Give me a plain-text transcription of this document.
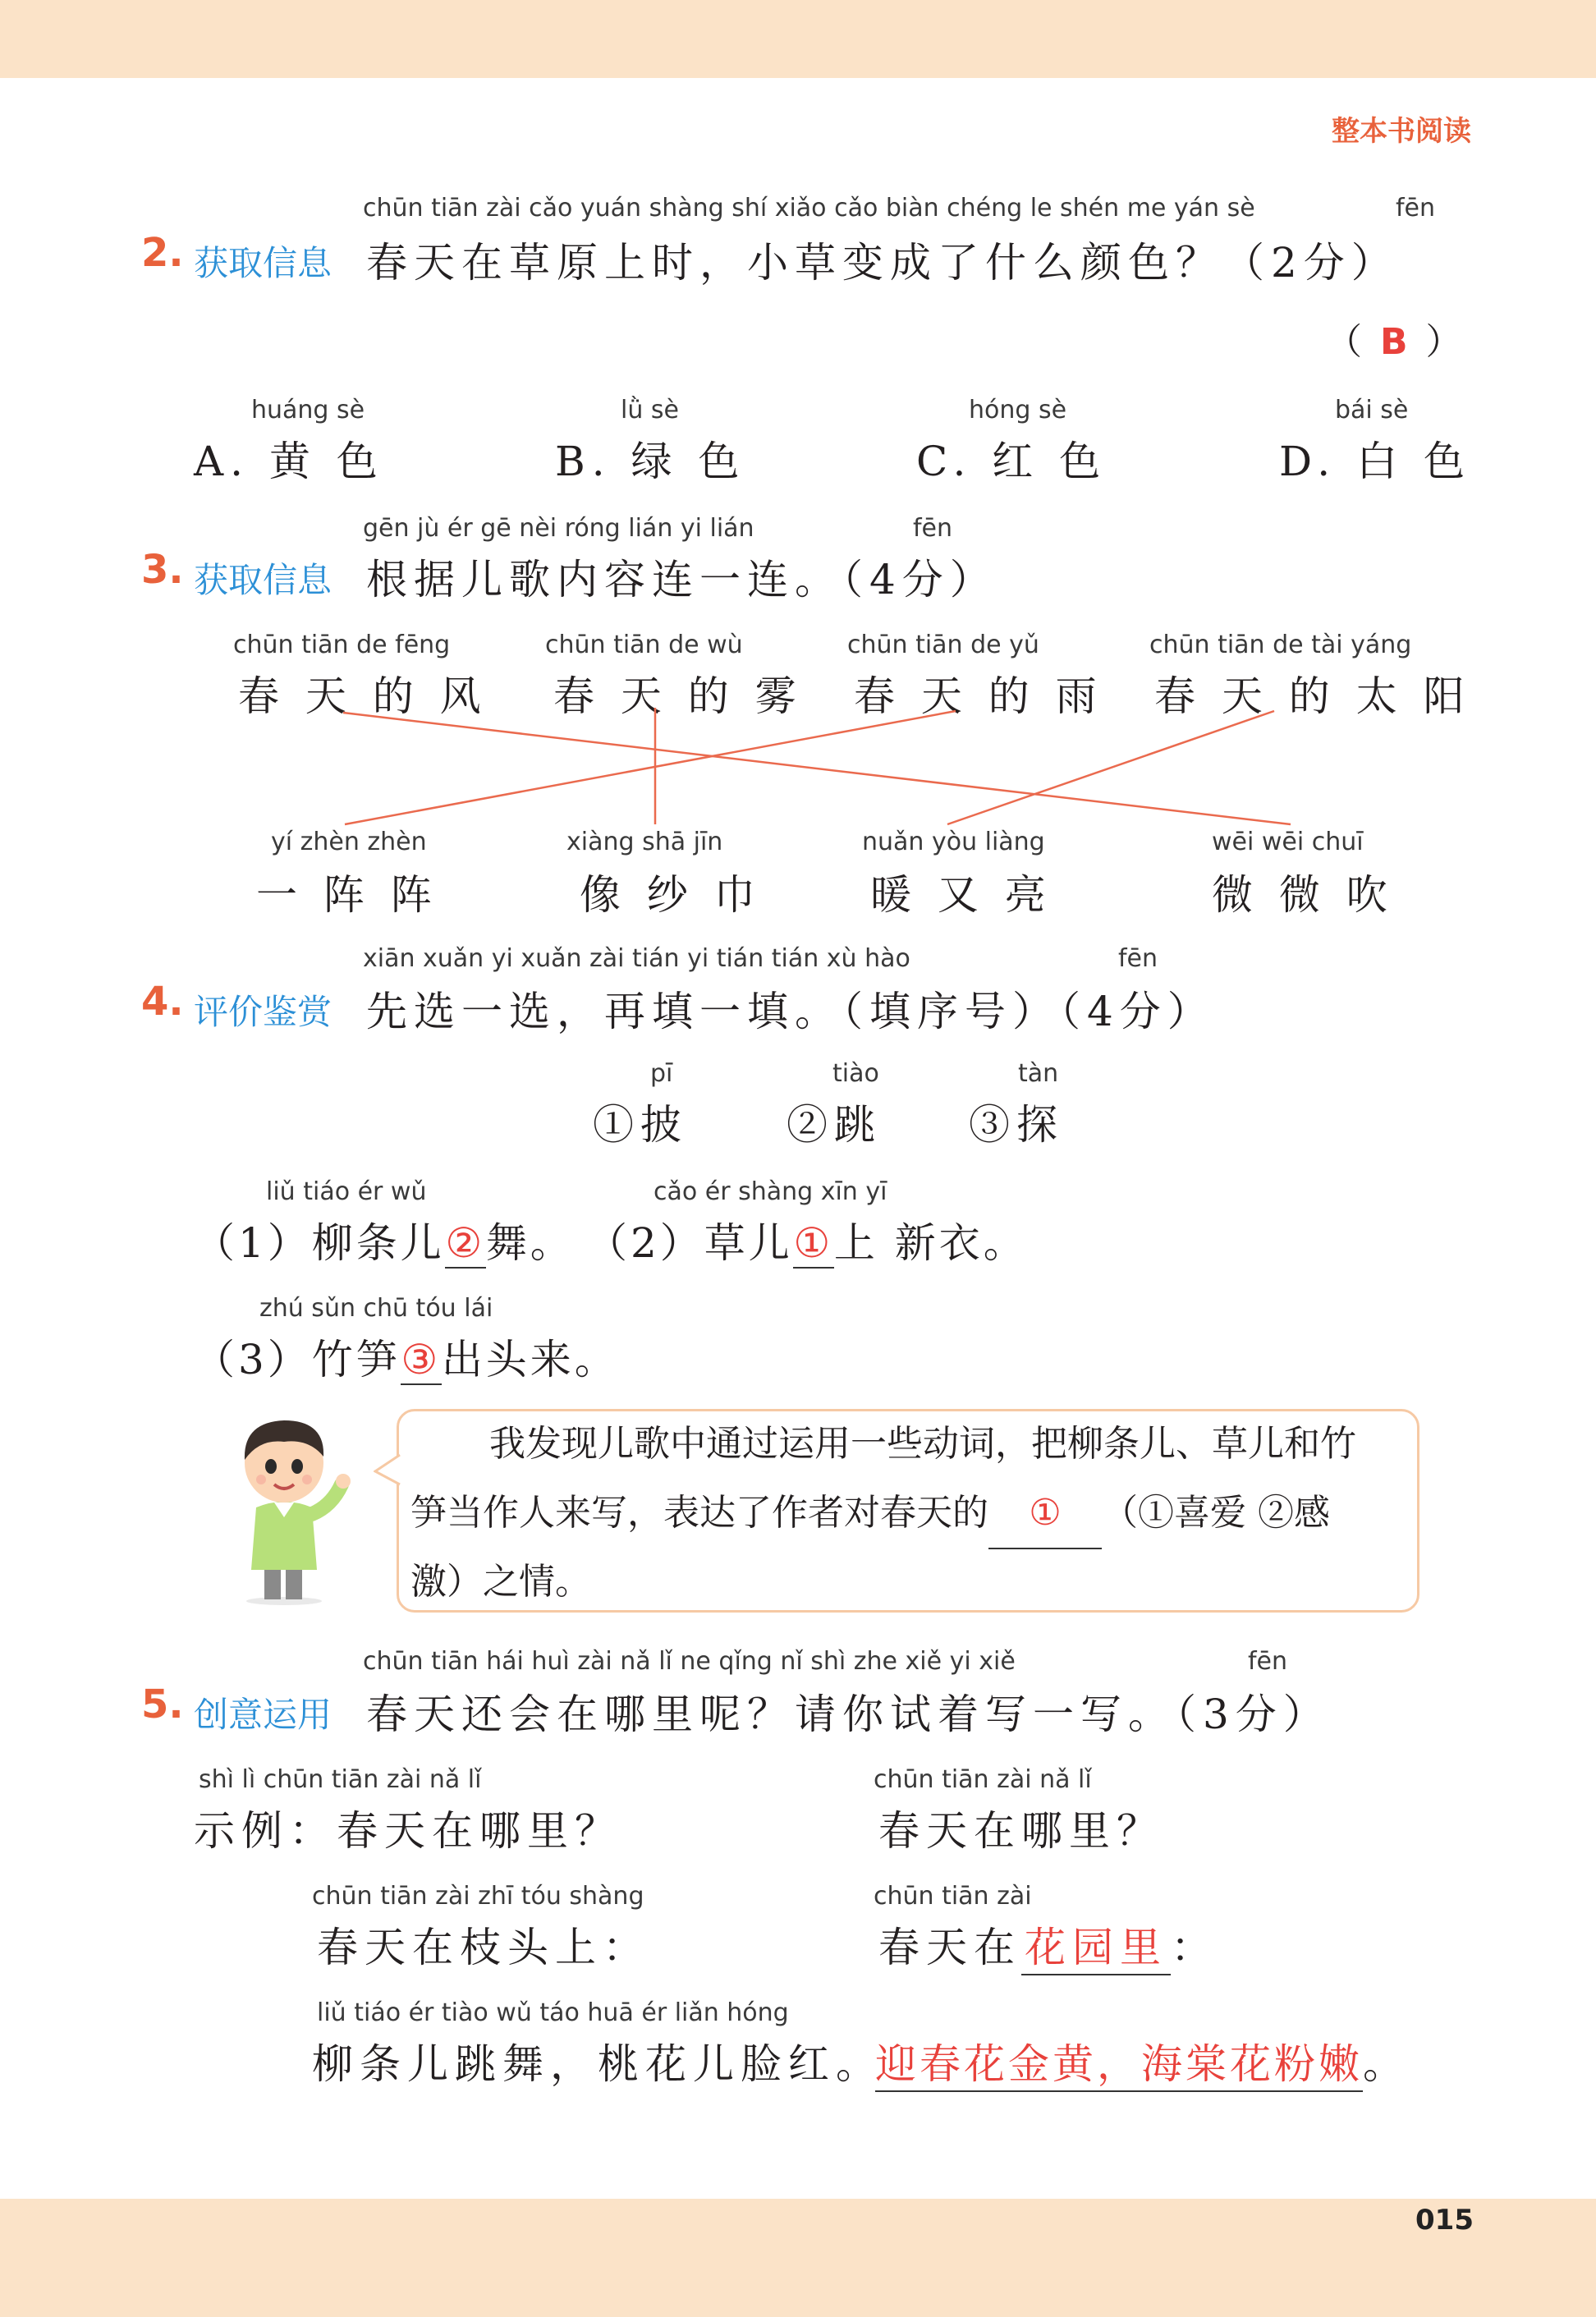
整本书阅读
chūn tiān zài cǎo yuán shàng shí xiǎo cǎo biàn chéng le shén me yán sè	fēn
2. 获取信息 春天在草原上时，小草变成了什么颜色？（2分）
（ B ）
huáng sè
A. 黄 色
lǜ sè
B. 绿 色
hóng sè
C. 红 色
bái sè
D. 白 色
gēn jù ér gē nèi róng lián yi lián	fēn
3. 获取信息 根据儿歌内容连一连。（4分）
chūn tiān de fēng
春 天 的 风
chūn tiān de wù
春 天 的 雾
chūn tiān de yǔ
春 天 的 雨
chūn tiān de tài yáng
春 天 的 太 阳
yí zhèn zhèn
一 阵 阵
xiàng shā jīn
像 纱 巾
nuǎn yòu liàng
暖 又 亮
wēi wēi chuī
微 微 吹
xiān xuǎn yi xuǎn zài tián yi tián tián xù hào	fēn
4. 评价鉴赏 先选一选，再填一填。（填序号）（4分）
pī
①披
tiào
②跳
tàn
③探
liǔ tiáo ér wǔ
（1）柳条儿②舞。
cǎo ér shàng xīn yī
（2）草儿①上 新衣。
zhú sǔn chū tóu lái
（3）竹笋③出头来。
我发现儿歌中通过运用一些动词，把柳条儿、草儿和竹
笋当作人来写，表达了作者对春天的 ① （①喜爱 ②感
激）之情。
chūn tiān hái huì zài nǎ lǐ ne qǐng nǐ shì zhe xiě yi xiě	fēn
5. 创意运用 春天还会在哪里呢？请你试着写一写。（3分）
shì lì chūn tiān zài nǎ lǐ
示例：春天在哪里？
chūn tiān zài zhī tóu shàng
春天在枝头上：
liǔ tiáo ér tiào wǔ táo huā ér liǎn hóng
柳条儿跳舞，桃花儿脸红。
chūn tiān zài nǎ lǐ
春天在哪里？
chūn tiān zài
春天在花园里：
迎春花金黄，海棠花粉嫩。
015
